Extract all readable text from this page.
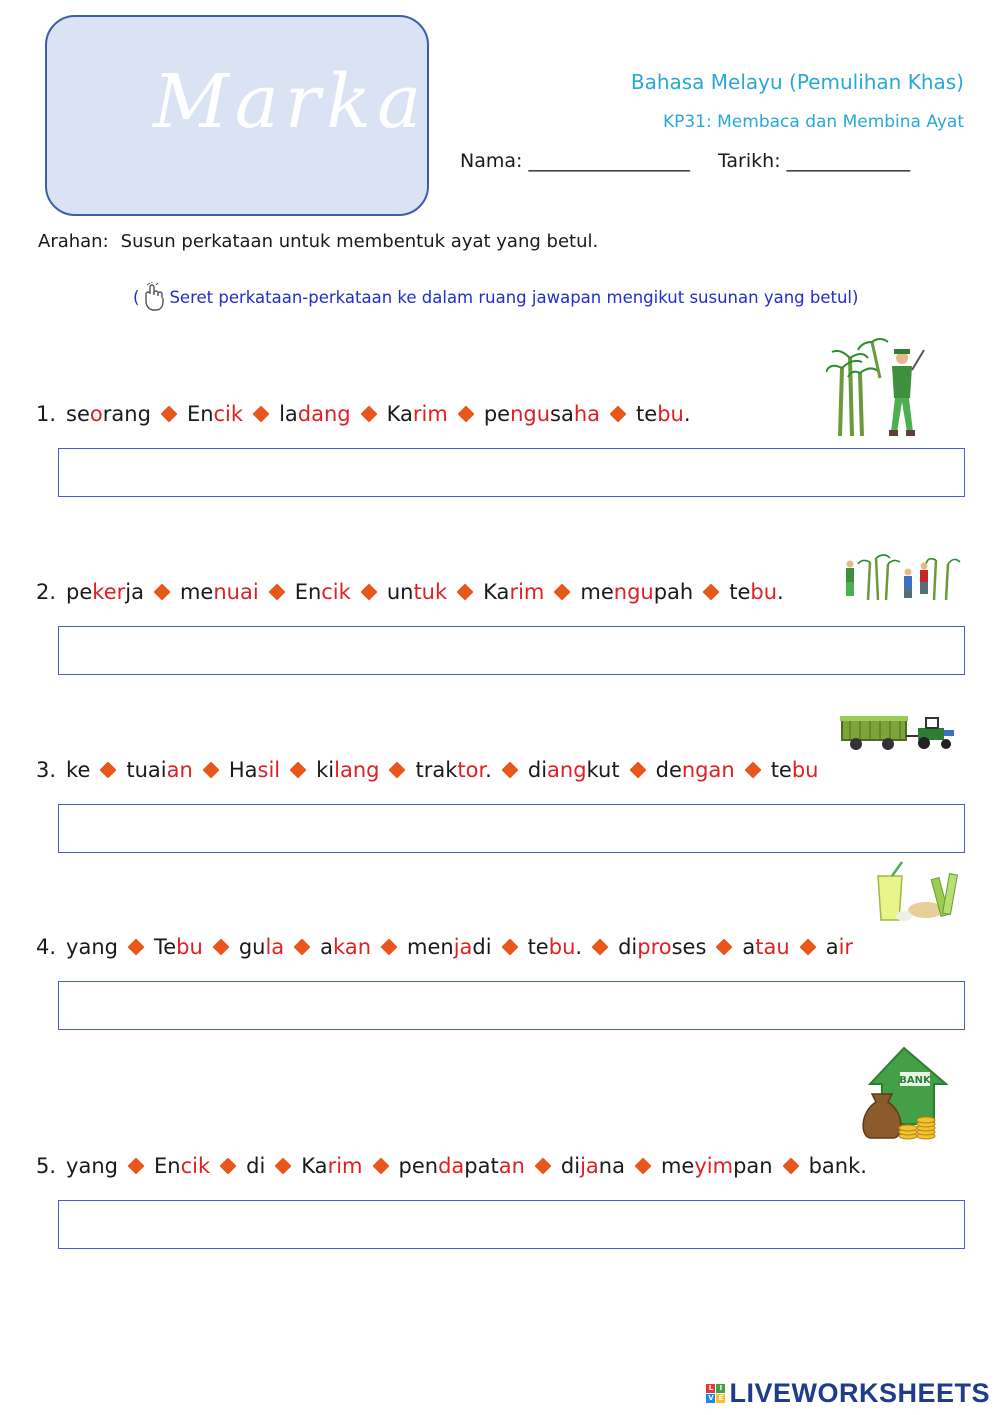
Markah	Bahasa Melayu (Pemulihan Khas)
KP31: Membaca dan Membina Ayat
Nama: _________________ Tarikh: _____________
Arahan: Susun perkataan untuk membentuk ayat yang betul.
( Seret perkataan-perkataan ke dalam ruang jawapan mengikut susunan yang betul)
1. seorang Encik ladang Karim pengusaha tebu.
2. pekerja menuai Encik untuk Karim mengupah tebu.
3. ke tuaian Hasil kilang traktor. diangkut dengan tebu
4. yang Tebu gula akan menjadi tebu. diproses atau air
5. yang Encik di Karim pendapatan dijana meyimpan bank.
BANK
L I
V E LIVEWORKSHEETS
